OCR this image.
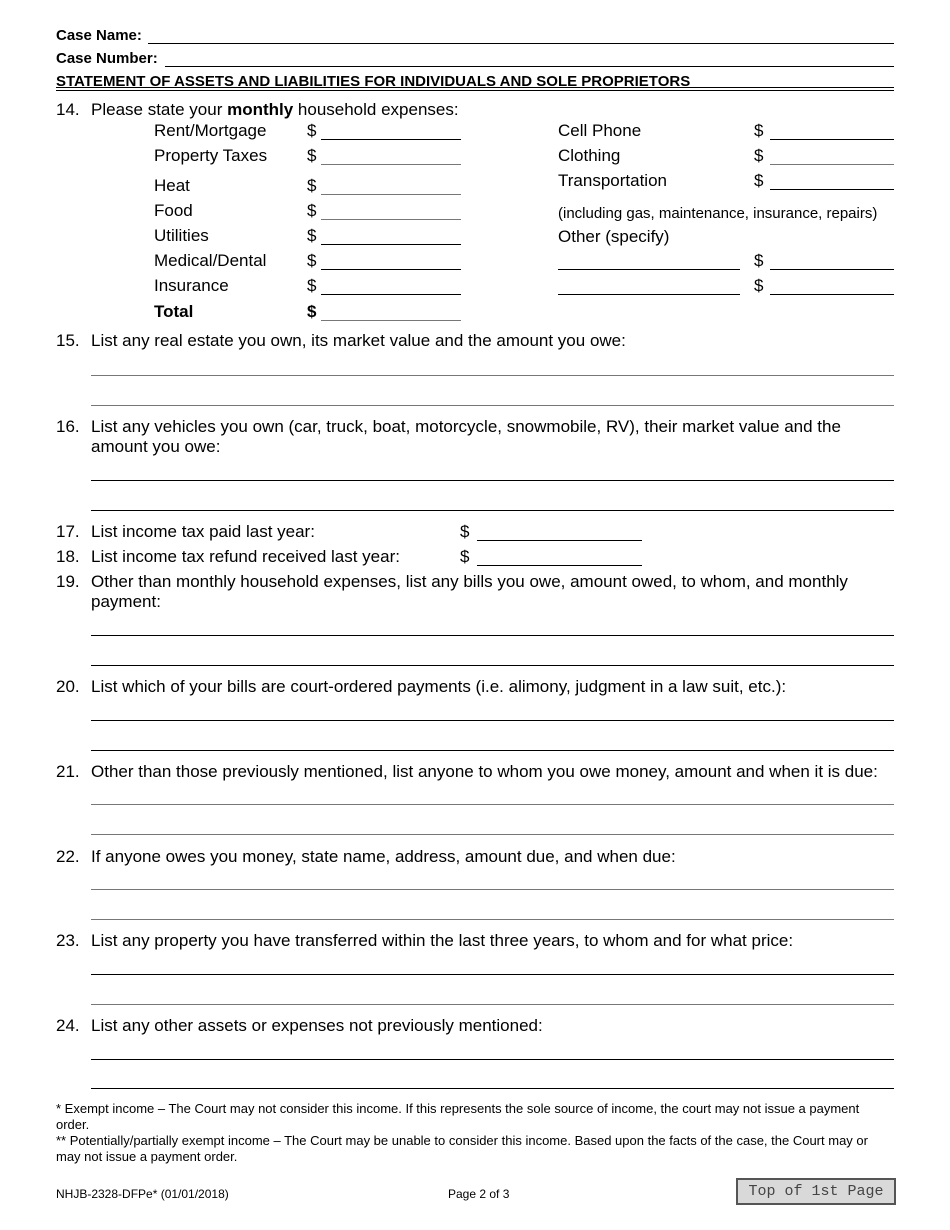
Case Name:
Case Number:
STATEMENT OF ASSETS AND LIABILITIES FOR INDIVIDUALS AND SOLE PROPRIETORS
14. Please state your monthly household expenses:
Rent/Mortgage $
Property Taxes $
Heat	$
Food	$
Utilities	$
Medical/Dental $
Insurance	$
Total	$
Cell Phone	$
Clothing	$
Transportation	$
(including gas, maintenance, insurance, repairs)
Other (specify)
$
$
15. List any real estate you own, its market value and the amount you owe:
16. List any vehicles you own (car, truck, boat, motorcycle, snowmobile, RV), their market value and the
amount you owe:
17. List income tax paid last year:	$
18. List income tax refund received last year:	$
19. Other than monthly household expenses, list any bills you owe, amount owed, to whom, and monthly
payment:
20. List which of your bills are court-ordered payments (i.e. alimony, judgment in a law suit, etc.):
21. Other than those previously mentioned, list anyone to whom you owe money, amount and when it is due:
22. If anyone owes you money, state name, address, amount due, and when due:
23. List any property you have transferred within the last three years, to whom and for what price:
24. List any other assets or expenses not previously mentioned:
* Exempt income – The Court may not consider this income. If this represents the sole source of income, the court may not issue a payment order.
** Potentially/partially exempt income – The Court may be unable to consider this income. Based upon the facts of the case, the Court may or may not issue a payment order.
NHJB-2328-DFPe* (01/01/2018)	Page 2 of 3	Top of 1st Page
